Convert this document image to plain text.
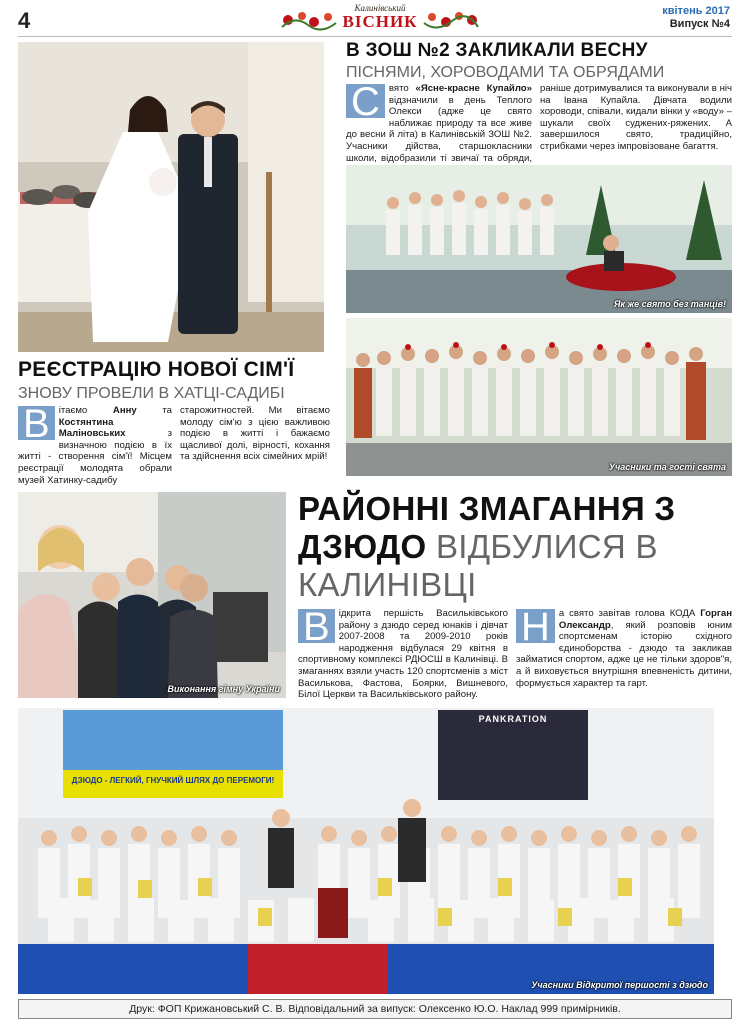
4	Калинівський
ВІСНИК
квітень 2017
Випуск №4
В ЗОШ №2 ЗАКЛИКАЛИ ВЕСНУ
ПІСНЯМИ, ХОРОВОДАМИ ТА ОБРЯДАМИ
С вято «Ясне-красне Купайло» відзначили в день Теплого Олекси (адже це свято наближає природу та все живе до весни й літа) в Калинівській ЗОШ №2. Учасники дійства, старшокласники школи, відобразили ті звичаї та обряди,
раніше дотримувалися та виконували в ніч на Івана Купайла. Дівчата водили хороводи, співали, кидали вінки у «воду» – шукали своїх суджених-ряжених. А завершилося свято, традиційно, стрибками через імпровізоване багаття.
Як же свято без танців!
Учасники та гості свята
РЕЄСТРАЦІЮ НОВОЇ СІМ'Ї
ЗНОВУ ПРОВЕЛИ В ХАТЦІ-САДИБІ
В ітаємо Анну та Костянтина Маліновських з визначною подією в їх житті - створення сім'ї! Місцем реєстрації молодята обрали музей Хатинку-садибу
старожитностей. Ми вітаємо молоду сім'ю з цією важливою подією в житті і бажаємо щасливої долі, вірності, кохання та здійснення всіх сімейних мрій!
Виконання гімну України
РАЙОННІ ЗМАГАННЯ З ДЗЮДО ВІДБУЛИСЯ В КАЛИНІВЦІ
В ідкрита першість Васильківського району з дзюдо серед юнаків і дівчат 2007-2008 та 2009-2010 років народження відбулася 29 квітня в спортивному комплексі РДЮСШ в Калинівці. В змаганнях взяли участь 120 спортсменів з міст Василькова, Фастова, Боярки, Вишневого, Білої Церкви та Васильківського району.
Н а свято завітав голова КОДА Горган Олександр, який розповів юним спортсменам історію східного єдиноборства - дзюдо та закликав займатися спортом, адже це не тільки здоров"я, а й виховується внутрішня впевненість дитини, формується характер та гарт.
ДЗЮДО - ЛЕГКИЙ, ГНУЧКИЙ ШЛЯХ ДО ПЕРЕМОГИ!
PANKRATION
Учасники Відкритої першості з дзюдо
Друк: ФОП Крижановський С. В. Відповідальний за випуск: Олексенко Ю.О. Наклад 999 примірників.
